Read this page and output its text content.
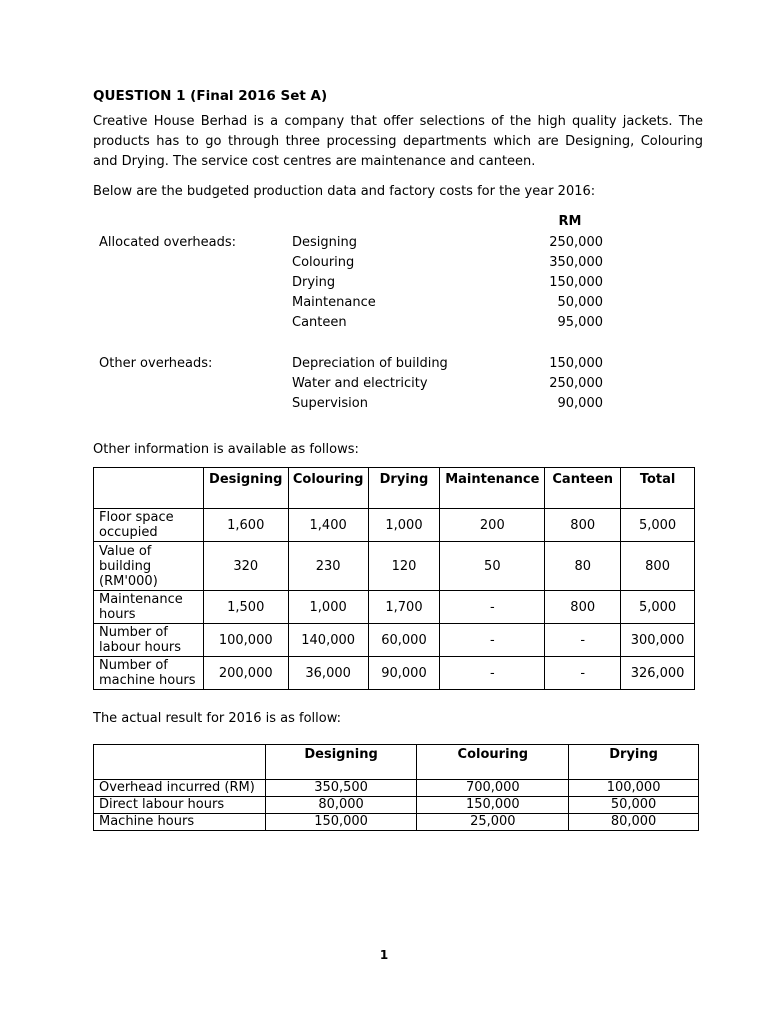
QUESTION 1 (Final 2016 Set A)
Creative House Berhad is a company that offer selections of the high quality jackets. The products has to go through three processing departments which are Designing, Colouring and Drying. The service cost centres are maintenance and canteen.
Below are the budgeted production data and factory costs for the year 2016:
RM
Allocated overheads:	Designing	250,000
Colouring	350,000
Drying	150,000
Maintenance	50,000
Canteen	95,000
Other overheads:	Depreciation of building	150,000
Water and electricity	250,000
Supervision	90,000
Other information is available as follows:
	Designing	Colouring	Drying	Maintenance	Canteen	Total
Floor space occupied	1,600	1,400	1,000	200	800	5,000
Value of building (RM'000)	320	230	120	50	80	800
Maintenance hours	1,500	1,000	1,700	-	800	5,000
Number of labour hours	100,000	140,000	60,000	-	-	300,000
Number of machine hours	200,000	36,000	90,000	-	-	326,000
The actual result for 2016 is as follow:
	Designing	Colouring	Drying
Overhead incurred (RM)	350,500	700,000	100,000
Direct labour hours	80,000	150,000	50,000
Machine hours	150,000	25,000	80,000
1
